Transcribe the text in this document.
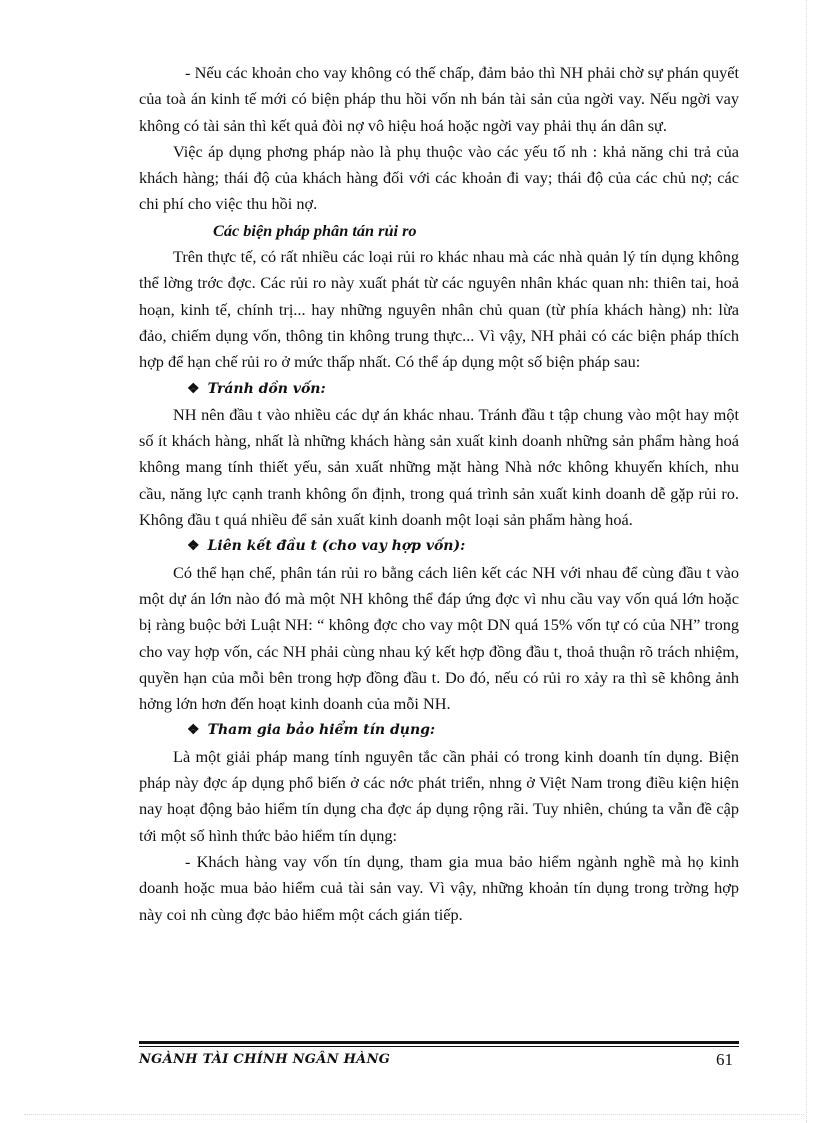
- Nếu các khoản cho vay không có thế chấp, đảm bảo thì NH phải chờ sự phán quyết của toà án kinh tế mới có biện pháp thu hồi vốn nh bán tài sản của ngời vay. Nếu ngời vay không có tài sản thì kết quả đòi nợ vô hiệu hoá hoặc ngời vay phải thụ án dân sự.

Việc áp dụng phơng pháp nào là phụ thuộc vào các yếu tố nh : khả năng chi trả của khách hàng; thái độ của khách hàng đối với các khoản đi vay; thái độ của các chủ nợ; các chi phí cho việc thu hồi nợ.

Các biện pháp phân tán rủi ro

Trên thực tế, có rất nhiều các loại rủi ro khác nhau mà các nhà quản lý tín dụng không thể lờng trớc đợc. Các rủi ro này xuất phát từ các nguyên nhân khác quan nh: thiên tai, hoả hoạn, kinh tế, chính trị... hay những nguyên nhân chủ quan (từ phía khách hàng) nh: lừa đảo, chiếm dụng vốn, thông tin không trung thực... Vì vậy, NH phải có các biện pháp thích hợp để hạn chế rủi ro ở mức thấp nhất. Có thể áp dụng một số biện pháp sau:

❖ Tránh dồn vốn:

NH nên đầu t vào nhiều các dự án khác nhau. Tránh đầu t tập chung vào một hay một số ít khách hàng, nhất là những khách hàng sản xuất kinh doanh những sản phẩm hàng hoá không mang tính thiết yếu, sản xuất những mặt hàng Nhà nớc không khuyến khích, nhu cầu, năng lực cạnh tranh không ổn định, trong quá trình sản xuất kinh doanh dễ gặp rủi ro. Không đầu t quá nhiều để sản xuất kinh doanh một loại sản phẩm hàng hoá.

❖ Liên kết đầu t (cho vay hợp vốn):

Có thể hạn chế, phân tán rủi ro bằng cách liên kết các NH với nhau để cùng đầu t vào một dự án lớn nào đó mà một NH không thể đáp ứng đợc vì nhu cầu vay vốn quá lớn hoặc bị ràng buộc bởi Luật NH: “ không đợc cho vay một DN quá 15% vốn tự có của NH” trong cho vay hợp vốn, các NH phải cùng nhau ký kết hợp đồng đầu t, thoả thuận rõ trách nhiệm, quyền hạn của mỗi bên trong hợp đồng đầu t. Do đó, nếu có rủi ro xảy ra thì sẽ không ảnh hởng lớn hơn đến hoạt kinh doanh của mỗi NH.

❖ Tham gia bảo hiểm tín dụng:

Là một giải pháp mang tính nguyên tắc cần phải có trong kinh doanh tín dụng. Biện pháp này đợc áp dụng phổ biến ở các nớc phát triển, nhng ở Việt Nam trong điều kiện hiện nay hoạt động bảo hiểm tín dụng cha đợc áp dụng rộng rãi. Tuy nhiên, chúng ta vẫn đề cập tới một số hình thức bảo hiểm tín dụng:

- Khách hàng vay vốn tín dụng, tham gia mua bảo hiểm ngành nghề mà họ kinh doanh hoặc mua bảo hiểm cuả tài sản vay. Vì vậy, những khoản tín dụng trong trờng hợp này coi nh cùng đợc bảo hiểm một cách gián tiếp.

NGÀNH TÀI CHÍNH NGÂN HÀNG	61
